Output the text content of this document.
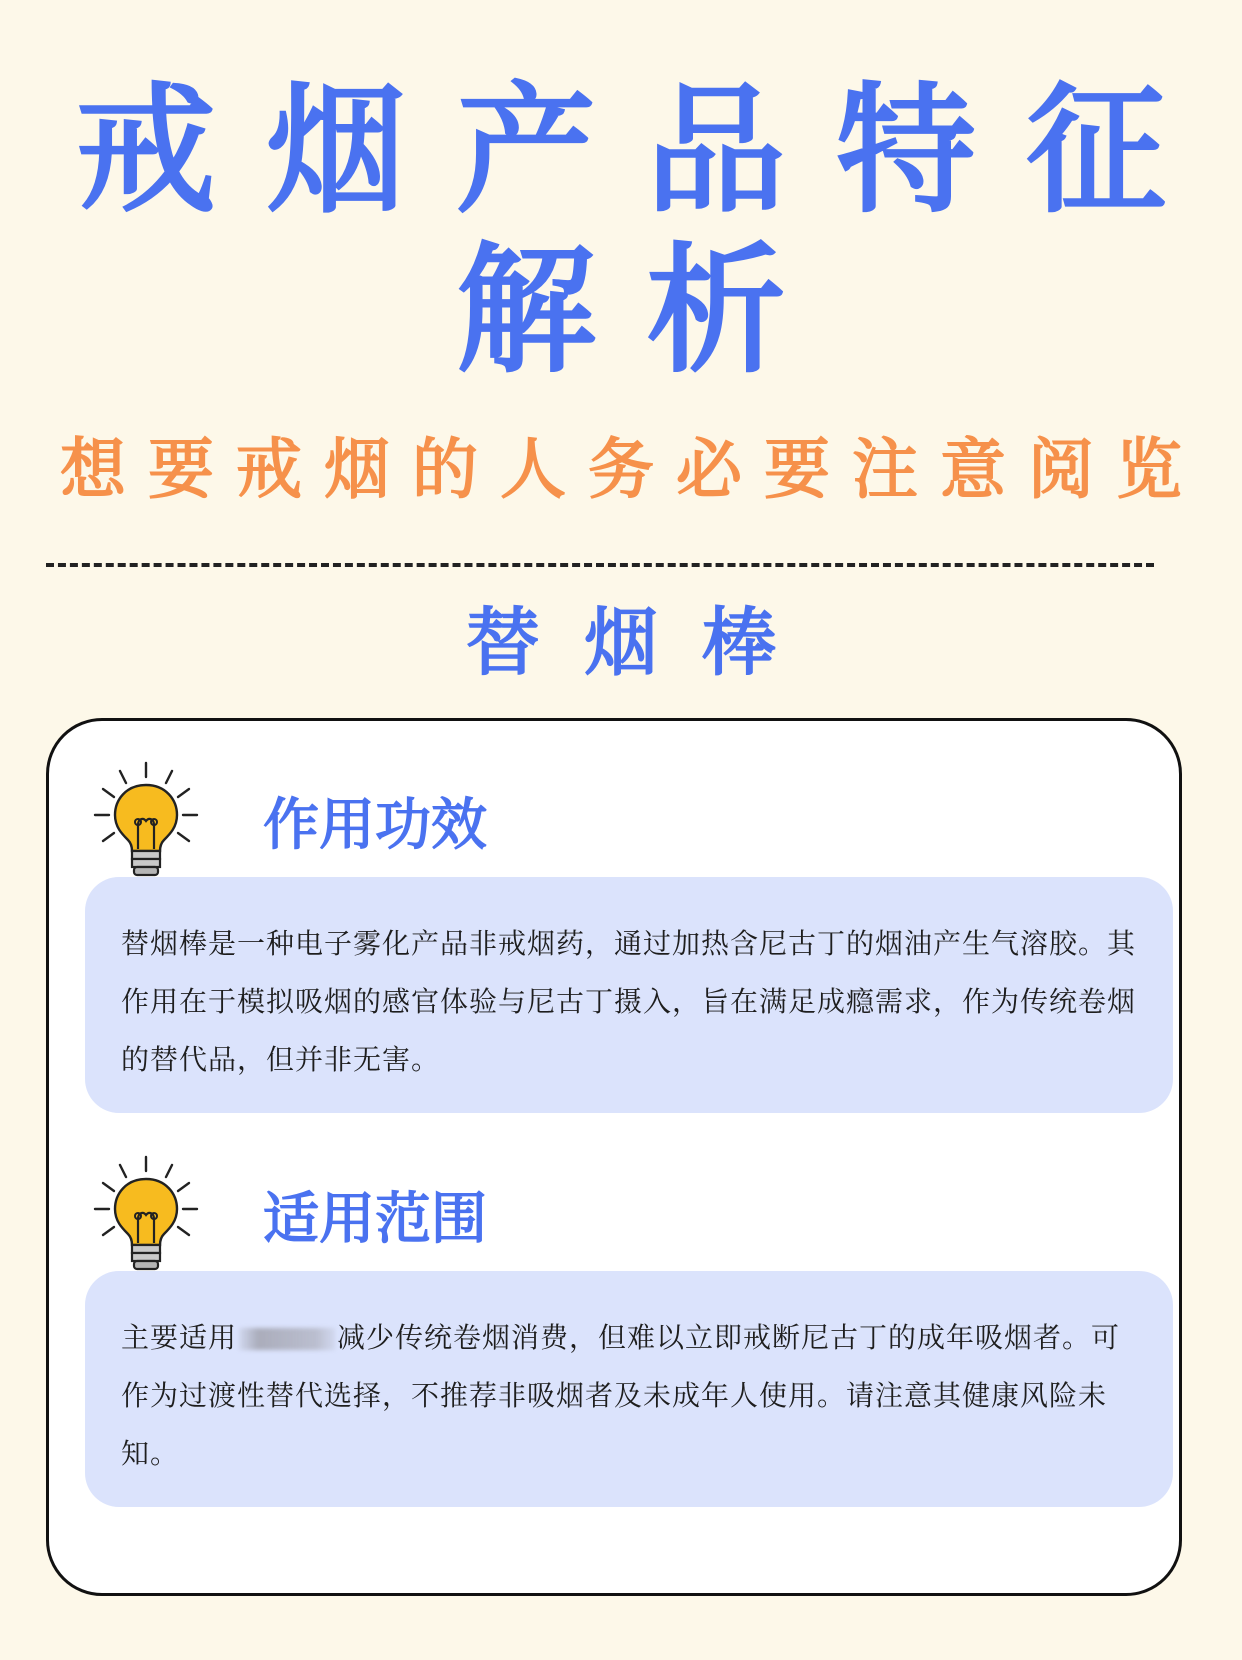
戒烟产品特征
解析
想要戒烟的人务必要注意阅览
替烟棒
作用功效
替烟棒是一种电子雾化产品非戒烟药，通过加热含尼古丁的烟油产生气溶胶。其作用在于模拟吸烟的感官体验与尼古丁摄入，旨在满足成瘾需求，作为传统卷烟的替代品，但并非无害。
适用范围
主要适用	减少传统卷烟消费，但难以立即戒断尼古丁的成年吸烟者。可作为过渡性替代选择，不推荐非吸烟者及未成年人使用。请注意其健康风险未知。
